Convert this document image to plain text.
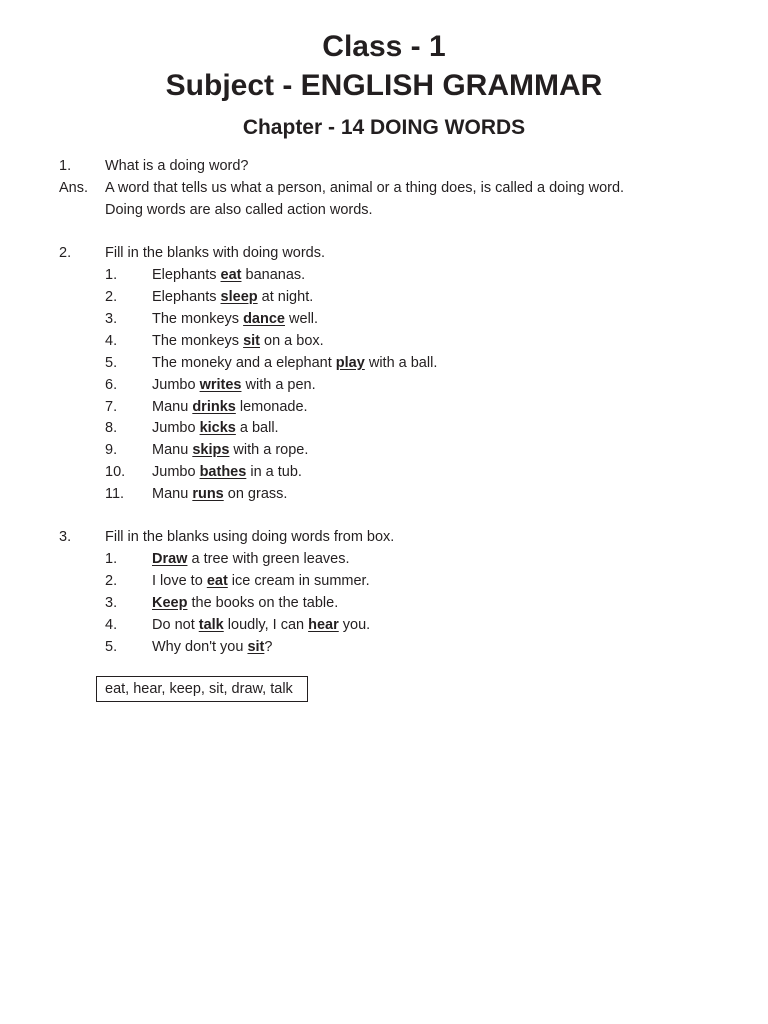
Class - 1
Subject - ENGLISH GRAMMAR
Chapter - 14 DOING WORDS
1. What is a doing word?
Ans. A word that tells us what a person, animal or a thing does, is called a doing word.
Doing words are also called action words.
2. Fill in the blanks with doing words.
1. Elephants eat bananas.
2. Elephants sleep at night.
3. The monkeys dance well.
4. The monkeys sit on a box.
5. The moneky and a elephant play with a ball.
6. Jumbo writes with a pen.
7. Manu drinks lemonade.
8. Jumbo kicks a ball.
9. Manu skips with a rope.
10. Jumbo bathes in a tub.
11. Manu runs on grass.
3. Fill in the blanks using doing words from box.
1. Draw a tree with green leaves.
2. I love to eat ice cream in summer.
3. Keep the books on the table.
4. Do not talk loudly, I can hear you.
5. Why don't you sit?
eat, hear, keep, sit, draw, talk
